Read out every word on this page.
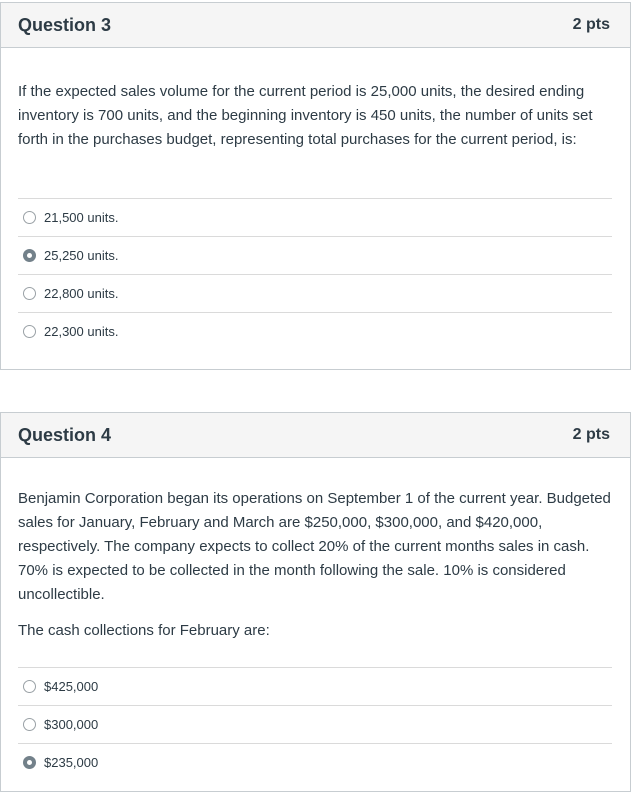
Question 3	2 pts

If the expected sales volume for the current period is 25,000 units, the desired ending inventory is 700 units, and the beginning inventory is 450 units, the number of units set forth in the purchases budget, representing total purchases for the current period, is:

21,500 units.
25,250 units.
22,800 units.
22,300 units.
Question 4	2 pts

Benjamin Corporation began its operations on September 1 of the current year. Budgeted sales for January, February and March are $250,000, $300,000, and $420,000, respectively. The company expects to collect 20% of the current months sales in cash. 70% is expected to be collected in the month following the sale. 10% is considered uncollectible.

The cash collections for February are:

$425,000
$300,000
$235,000
